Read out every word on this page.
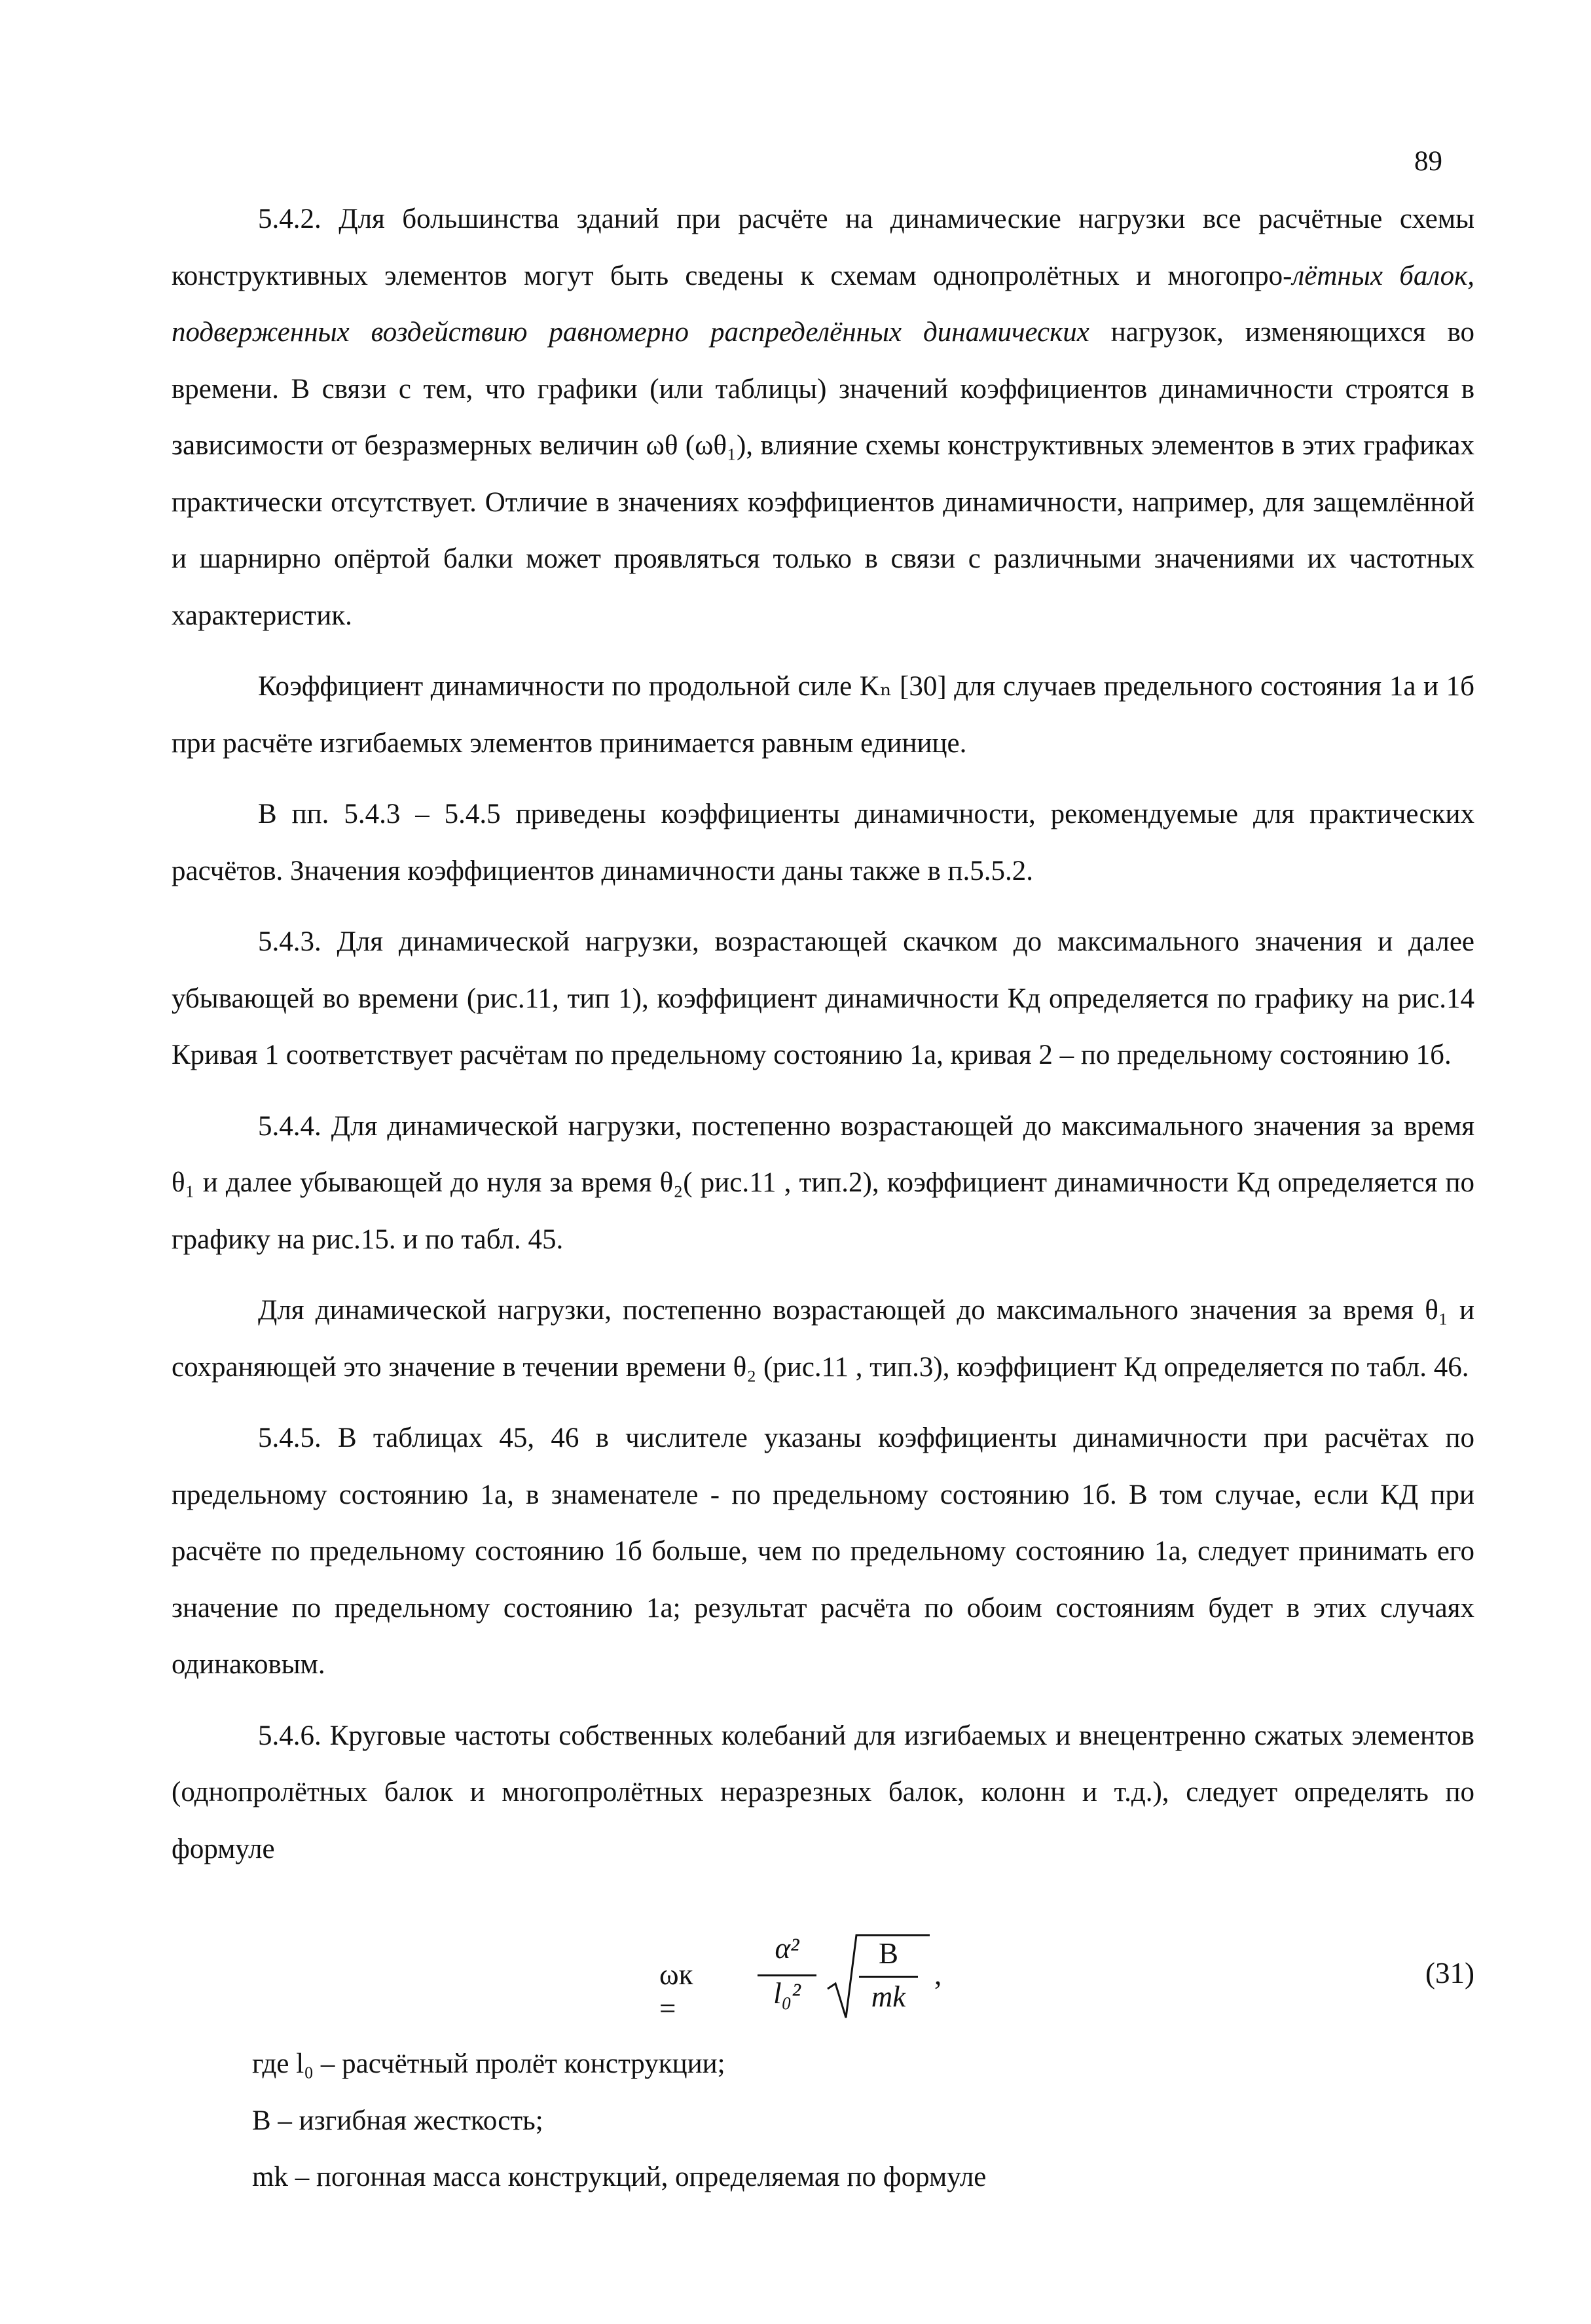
89

5.4.2. Для большинства зданий при расчёте на динамические нагрузки все расчётные схемы конструктивных элементов могут быть сведены к схемам однопролётных и многопро-лётных балок, подверженных воздействию равномерно распределённых динамических нагрузок, изменяющихся во времени. В связи с тем, что графики (или таблицы) значений коэффициентов динамичности строятся в зависимости от безразмерных величин ωθ (ωθ₁), влияние схемы конструктивных элементов в этих графиках практически отсутствует. Отличие в значениях коэффициентов динамичности, например, для защемлённой и шарнирно опёртой балки может проявляться только в связи с различными значениями их частотных характеристик.

Коэффициент динамичности по продольной силе Kₙ [30] для случаев предельного состояния 1а и 1б при расчёте изгибаемых элементов принимается равным единице.

В пп. 5.4.3 – 5.4.5 приведены коэффициенты динамичности, рекомендуемые для практических расчётов. Значения коэффициентов динамичности даны также в п.5.5.2.

5.4.3. Для динамической нагрузки, возрастающей скачком до максимального значения и далее убывающей во времени (рис.11, тип 1), коэффициент динамичности Кд определяется по графику на рис.14 Кривая 1 соответствует расчётам по предельному состоянию 1а, кривая 2 – по предельному состоянию 1б.

5.4.4. Для динамической нагрузки, постепенно возрастающей до максимального значения за время θ₁ и далее убывающей до нуля за время θ₂( рис.11 , тип.2), коэффициент динамичности Кд определяется по графику на рис.15. и по табл. 45.

Для динамической нагрузки, постепенно возрастающей до максимального значения за время θ₁ и сохраняющей это значение в течении времени θ₂ (рис.11 , тип.3), коэффициент Кд определяется по табл. 46.

5.4.5. В таблицах 45, 46 в числителе указаны коэффициенты динамичности при расчётах по предельному состоянию 1а, в знаменателе - по предельному состоянию 1б. В том случае, если КД при расчёте по предельному состоянию 1б больше, чем по предельному состоянию 1а, следует принимать его значение по предельному состоянию 1а; результат расчёта по обоим состояниям будет в этих случаях одинаковым.

5.4.6. Круговые частоты собственных колебаний для изгибаемых и внецентренно сжатых элементов (однопролётных балок и многопролётных неразрезных балок, колонн и т.д.), следует определять по формуле

ωк =
α²
l₀²
B
mk
,	(31)
где l₀ – расчётный пролёт конструкции;
B – изгибная жесткость;
mk – погонная масса конструкций, определяемая по формуле
